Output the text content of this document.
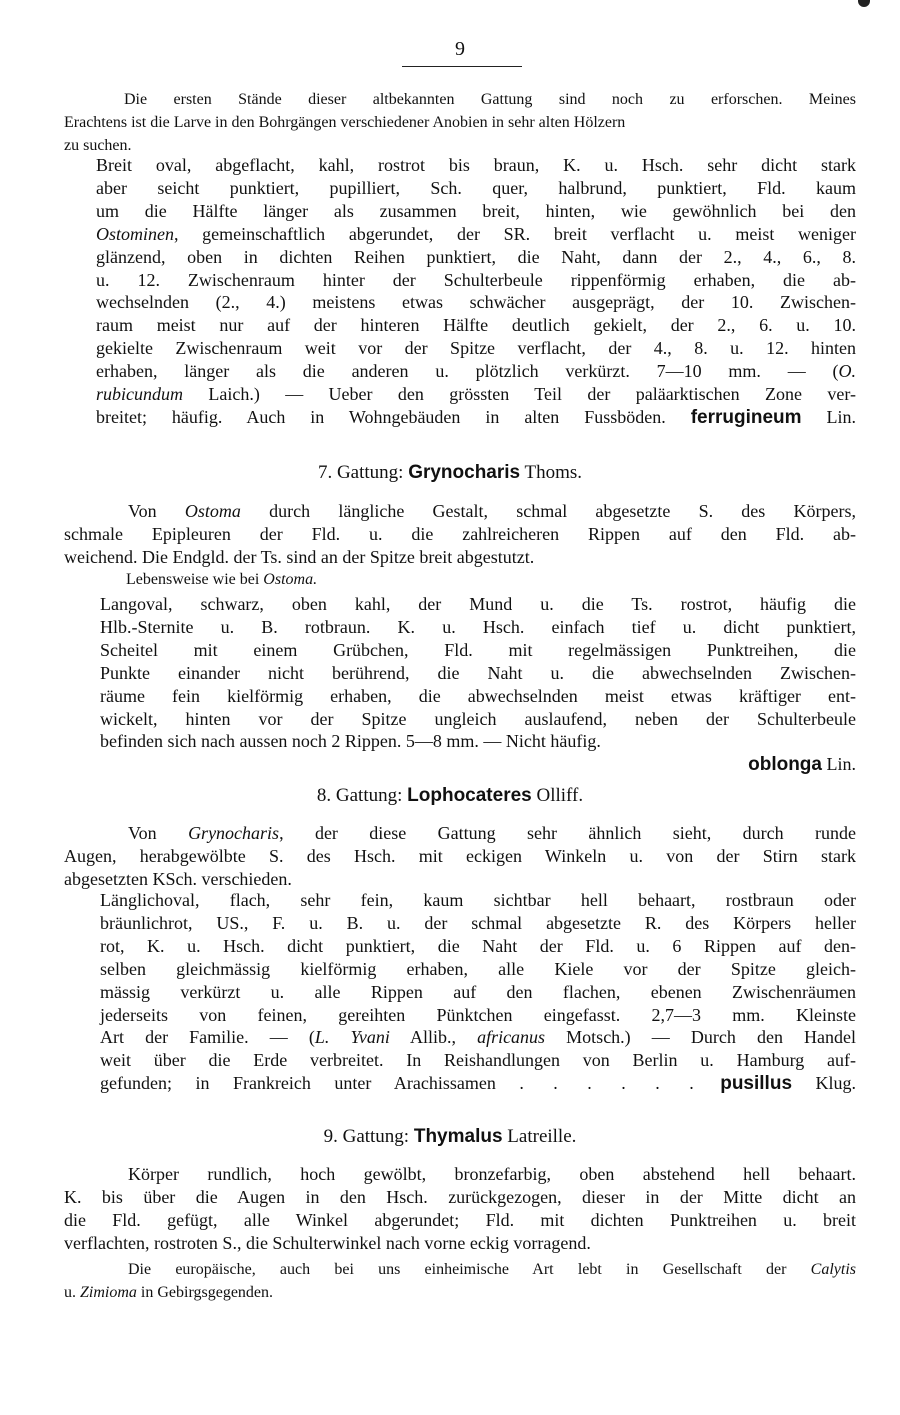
9
Die ersten Stände dieser altbekannten Gattung sind noch zu erforschen. Meines
Erachtens ist die Larve in den Bohrgängen verschiedener Anobien in sehr alten Hölzern
zu suchen.
Breit oval, abgeflacht, kahl, rostrot bis braun, K. u. Hsch. sehr dicht stark
aber seicht punktiert, pupilliert, Sch. quer, halbrund, punktiert, Fld. kaum
um die Hälfte länger als zusammen breit, hinten, wie gewöhnlich bei den
Ostominen, gemeinschaftlich abgerundet, der SR. breit verflacht u. meist weniger
glänzend, oben in dichten Reihen punktiert, die Naht, dann der 2., 4., 6., 8.
u. 12. Zwischenraum hinter der Schulterbeule rippenförmig erhaben, die ab-
wechselnden (2., 4.) meistens etwas schwächer ausgeprägt, der 10. Zwischen-
raum meist nur auf der hinteren Hälfte deutlich gekielt, der 2., 6. u. 10.
gekielte Zwischenraum weit vor der Spitze verflacht, der 4., 8. u. 12. hinten
erhaben, länger als die anderen u. plötzlich verkürzt. 7—10 mm. — (O.
rubicundum Laich.) — Ueber den grössten Teil der paläarktischen Zone ver-
breitet; häufig. Auch in Wohngebäuden in alten Fussböden. ferrugineum Lin.
7. Gattung: Grynocharis Thoms.
Von Ostoma durch längliche Gestalt, schmal abgesetzte S. des Körpers,
schmale Epipleuren der Fld. u. die zahlreicheren Rippen auf den Fld. ab-
weichend. Die Endgld. der Ts. sind an der Spitze breit abgestutzt.
Lebensweise wie bei Ostoma.
Langoval, schwarz, oben kahl, der Mund u. die Ts. rostrot, häufig die
Hlb.-Sternite u. B. rotbraun. K. u. Hsch. einfach tief u. dicht punktiert,
Scheitel mit einem Grübchen, Fld. mit regelmässigen Punktreihen, die
Punkte einander nicht berührend, die Naht u. die abwechselnden Zwischen-
räume fein kielförmig erhaben, die abwechselnden meist etwas kräftiger ent-
wickelt, hinten vor der Spitze ungleich auslaufend, neben der Schulterbeule
befinden sich nach aussen noch 2 Rippen. 5—8 mm. — Nicht häufig.
oblonga Lin.
8. Gattung: Lophocateres Olliff.
Von Grynocharis, der diese Gattung sehr ähnlich sieht, durch runde
Augen, herabgewölbte S. des Hsch. mit eckigen Winkeln u. von der Stirn stark
abgesetzten KSch. verschieden.
Länglichoval, flach, sehr fein, kaum sichtbar hell behaart, rostbraun oder
bräunlichrot, US., F. u. B. u. der schmal abgesetzte R. des Körpers heller
rot, K. u. Hsch. dicht punktiert, die Naht der Fld. u. 6 Rippen auf den-
selben gleichmässig kielförmig erhaben, alle Kiele vor der Spitze gleich-
mässig verkürzt u. alle Rippen auf den flachen, ebenen Zwischenräumen
jederseits von feinen, gereihten Pünktchen eingefasst. 2,7—3 mm. Kleinste
Art der Familie. — (L. Yvani Allib., africanus Motsch.) — Durch den Handel
weit über die Erde verbreitet. In Reishandlungen von Berlin u. Hamburg auf-
gefunden; in Frankreich unter Arachissamen . . . . . . pusillus Klug.
9. Gattung: Thymalus Latreille.
Körper rundlich, hoch gewölbt, bronzefarbig, oben abstehend hell behaart.
K. bis über die Augen in den Hsch. zurückgezogen, dieser in der Mitte dicht an
die Fld. gefügt, alle Winkel abgerundet; Fld. mit dichten Punktreihen u. breit
verflachten, rostroten S., die Schulterwinkel nach vorne eckig vorragend.
Die europäische, auch bei uns einheimische Art lebt in Gesellschaft der Calytis
u. Zimioma in Gebirgsgegenden.
